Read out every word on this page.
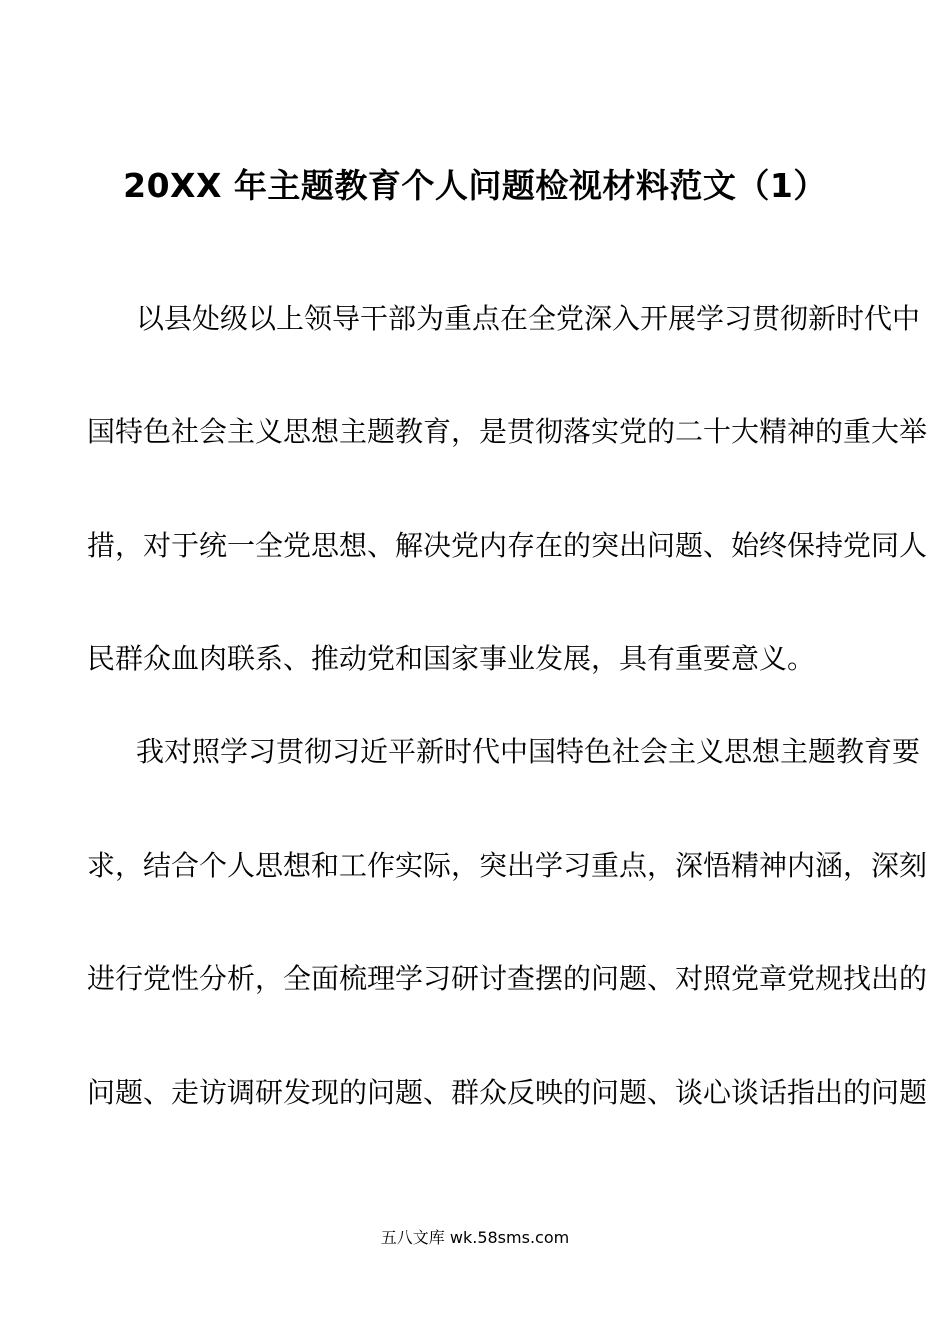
20XX 年主题教育个人问题检视材料范文（1）

以县处级以上领导干部为重点在全党深入开展学习贯彻新时代中

国特色社会主义思想主题教育，是贯彻落实党的二十大精神的重大举

措，对于统一全党思想、解决党内存在的突出问题、始终保持党同人

民群众血肉联系、推动党和国家事业发展，具有重要意义。

我对照学习贯彻习近平新时代中国特色社会主义思想主题教育要

求，结合个人思想和工作实际，突出学习重点，深悟精神内涵，深刻

进行党性分析，全面梳理学习研讨查摆的问题、对照党章党规找出的

问题、走访调研发现的问题、群众反映的问题、谈心谈话指出的问题

五八文库 wk.58sms.com
